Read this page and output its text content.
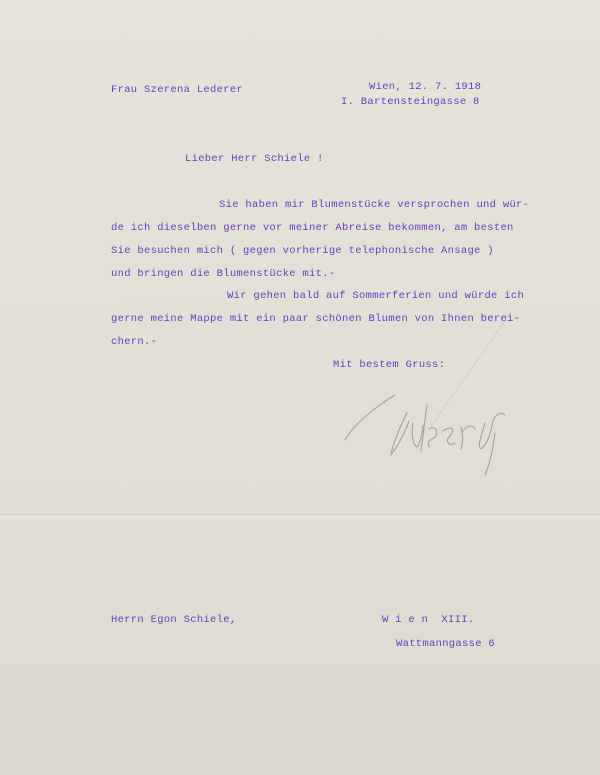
Frau Szerena Lederer	Wien, 12. 7. 1918

I. Bartensteingasse 8

Lieber Herr Schiele !

Sie haben mir Blumenstücke versprochen und wür-

de ich dieselben gerne vor meiner Abreise bekommen, am besten

Sie besuchen mich ( gegen vorherige telephonische Ansage )

und bringen die Blumenstücke mit.-

Wir gehen bald auf Sommerferien und würde ich

gerne meine Mappe mit ein paar schönen Blumen von Ihnen berei-

chern.-

Mit bestem Gruss:

Herrn Egon Schiele,	W i e n  XIII.

Wattmanngasse 6
